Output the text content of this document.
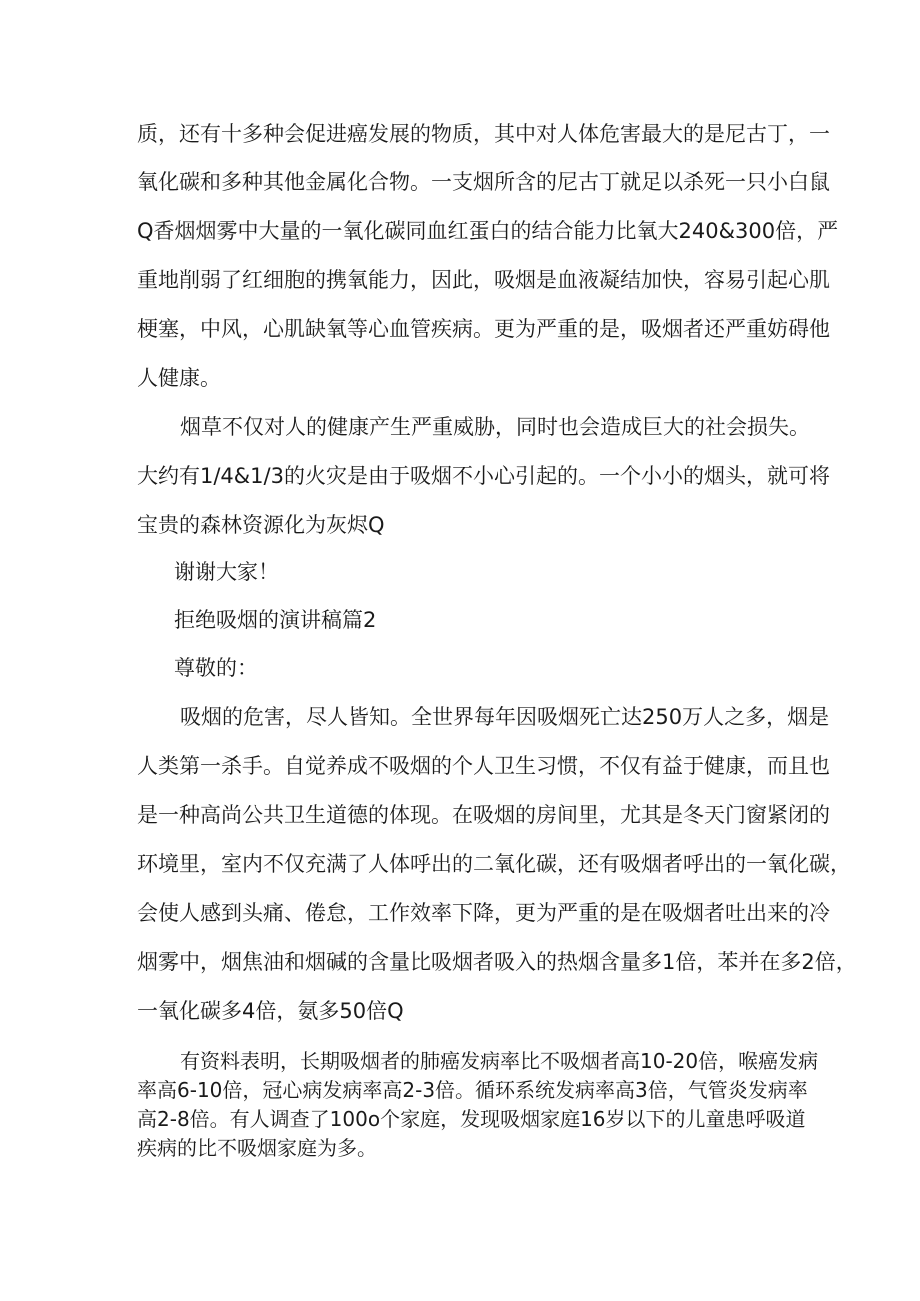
质，还有十多种会促进癌发展的物质，其中对人体危害最大的是尼古丁，一
氧化碳和多种其他金属化合物。一支烟所含的尼古丁就足以杀死一只小白鼠
Q香烟烟雾中大量的一氧化碳同血红蛋白的结合能力比氧大240&300倍，严
重地削弱了红细胞的携氧能力，因此，吸烟是血液凝结加快，容易引起心肌
梗塞，中风，心肌缺氧等心血管疾病。更为严重的是，吸烟者还严重妨碍他
人健康。
烟草不仅对人的健康产生严重威胁，同时也会造成巨大的社会损失。
大约有1/4&1/3的火灾是由于吸烟不小心引起的。一个小小的烟头，就可将
宝贵的森林资源化为灰烬Q
谢谢大家！
拒绝吸烟的演讲稿篇2
尊敬的：
吸烟的危害，尽人皆知。全世界每年因吸烟死亡达250万人之多，烟是
人类第一杀手。自觉养成不吸烟的个人卫生习惯，不仅有益于健康，而且也
是一种高尚公共卫生道德的体现。在吸烟的房间里，尤其是冬天门窗紧闭的
环境里，室内不仅充满了人体呼出的二氧化碳，还有吸烟者呼出的一氧化碳，
会使人感到头痛、倦怠，工作效率下降，更为严重的是在吸烟者吐出来的冷
烟雾中，烟焦油和烟碱的含量比吸烟者吸入的热烟含量多1倍，苯并在多2倍，
一氧化碳多4倍，氨多50倍Q
有资料表明，长期吸烟者的肺癌发病率比不吸烟者高10-20倍，喉癌发病
率高6-10倍，冠心病发病率高2-3倍。循环系统发病率高3倍，气管炎发病率
高2-8倍。有人调查了100o个家庭，发现吸烟家庭16岁以下的儿童患呼吸道
疾病的比不吸烟家庭为多。
